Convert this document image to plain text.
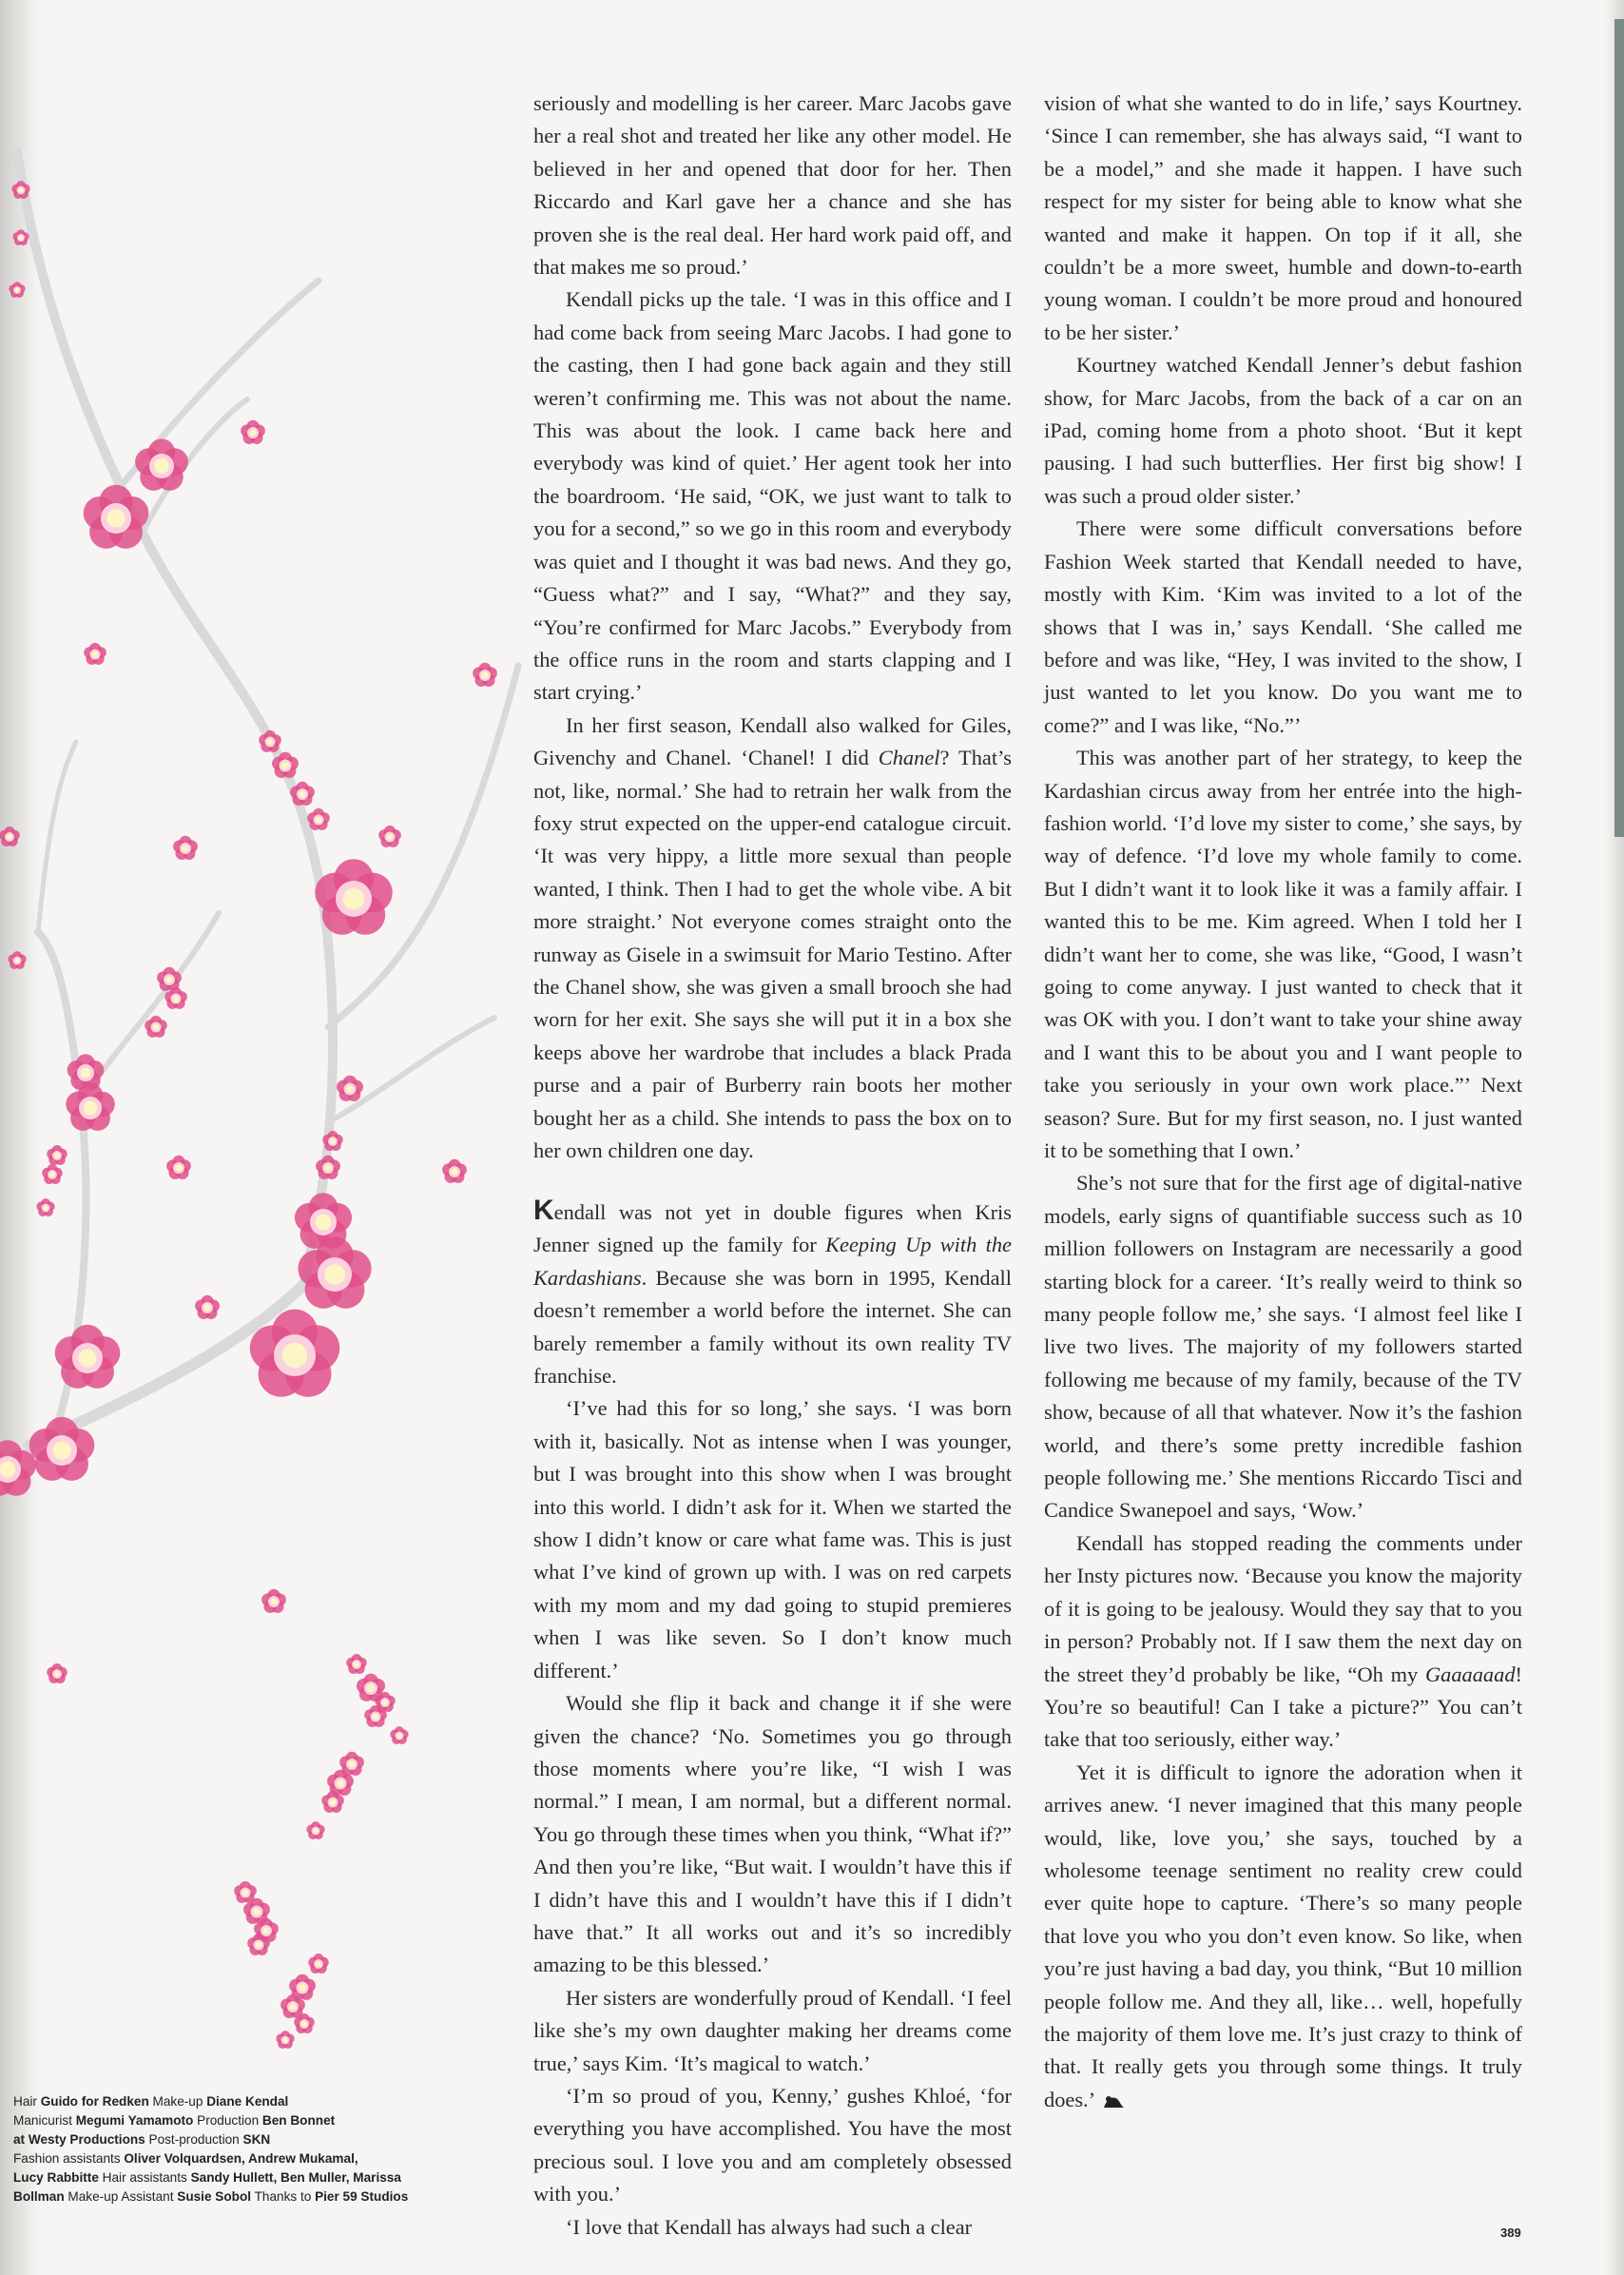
seriously and modelling is her career. Marc Jacobs gave her a real shot and treated her like any other model. He believed in her and opened that door for her. Then Riccardo and Karl gave her a chance and she has proven she is the real deal. Her hard work paid off, and that makes me so proud.’

Kendall picks up the tale. ‘I was in this office and I had come back from seeing Marc Jacobs. I had gone to the casting, then I had gone back again and they still weren’t confirming me. This was not about the name. This was about the look. I came back here and everybody was kind of quiet.’ Her agent took her into the boardroom. ‘He said, “OK, we just want to talk to you for a second,” so we go in this room and everybody was quiet and I thought it was bad news. And they go, “Guess what?” and I say, “What?” and they say, “You’re confirmed for Marc Jacobs.” Everybody from the office runs in the room and starts clapping and I start crying.’

In her first season, Kendall also walked for Giles, Givenchy and Chanel. ‘Chanel! I did Chanel? That’s not, like, normal.’ She had to retrain her walk from the foxy strut expected on the upper-end catalogue circuit. ‘It was very hippy, a little more sexual than people wanted, I think. Then I had to get the whole vibe. A bit more straight.’ Not everyone comes straight onto the runway as Gisele in a swimsuit for Mario Testino. After the Chanel show, she was given a small brooch she had worn for her exit. She says she will put it in a box she keeps above her wardrobe that includes a black Prada purse and a pair of Burberry rain boots her mother bought her as a child. She intends to pass the box on to her own children one day.

Kendall was not yet in double figures when Kris Jenner signed up the family for Keeping Up with the Kardashians. Because she was born in 1995, Kendall doesn’t remember a world before the internet. She can barely remember a family without its own reality TV franchise.

‘I’ve had this for so long,’ she says. ‘I was born with it, basically. Not as intense when I was younger, but I was brought into this show when I was brought into this world. I didn’t ask for it. When we started the show I didn’t know or care what fame was. This is just what I’ve kind of grown up with. I was on red carpets with my mom and my dad going to stupid premieres when I was like seven. So I don’t know much different.’

Would she flip it back and change it if she were given the chance? ‘No. Sometimes you go through those moments where you’re like, “I wish I was normal.” I mean, I am normal, but a different normal. You go through these times when you think, “What if?” And then you’re like, “But wait. I wouldn’t have this if I didn’t have this and I wouldn’t have this if I didn’t have that.” It all works out and it’s so incredibly amazing to be this blessed.’

Her sisters are wonderfully proud of Kendall. ‘I feel like she’s my own daughter making her dreams come true,’ says Kim. ‘It’s magical to watch.’

‘I’m so proud of you, Kenny,’ gushes Khloé, ‘for everything you have accomplished. You have the most precious soul. I love you and am completely obsessed with you.’

‘I love that Kendall has always had such a clear

vision of what she wanted to do in life,’ says Kourtney. ‘Since I can remember, she has always said, “I want to be a model,” and she made it happen. I have such respect for my sister for being able to know what she wanted and make it happen. On top if it all, she couldn’t be a more sweet, humble and down-to-earth young woman. I couldn’t be more proud and honoured to be her sister.’

Kourtney watched Kendall Jenner’s debut fashion show, for Marc Jacobs, from the back of a car on an iPad, coming home from a photo shoot. ‘But it kept pausing. I had such butterflies. Her first big show! I was such a proud older sister.’

There were some difficult conversations before Fashion Week started that Kendall needed to have, mostly with Kim. ‘Kim was invited to a lot of the shows that I was in,’ says Kendall. ‘She called me before and was like, “Hey, I was invited to the show, I just wanted to let you know. Do you want me to come?” and I was like, “No.”’

This was another part of her strategy, to keep the Kardashian circus away from her entrée into the high-fashion world. ‘I’d love my sister to come,’ she says, by way of defence. ‘I’d love my whole family to come. But I didn’t want it to look like it was a family affair. I wanted this to be me. Kim agreed. When I told her I didn’t want her to come, she was like, “Good, I wasn’t going to come anyway. I just wanted to check that it was OK with you. I don’t want to take your shine away and I want this to be about you and I want people to take you seriously in your own work place.”’ Next season? Sure. But for my first season, no. I just wanted it to be something that I own.’

She’s not sure that for the first age of digital-native models, early signs of quantifiable success such as 10 million followers on Instagram are necessarily a good starting block for a career. ‘It’s really weird to think so many people follow me,’ she says. ‘I almost feel like I live two lives. The majority of my followers started following me because of my family, because of the TV show, because of all that whatever. Now it’s the fashion world, and there’s some pretty incredible fashion people following me.’ She mentions Riccardo Tisci and Candice Swanepoel and says, ‘Wow.’

Kendall has stopped reading the comments under her Insty pictures now. ‘Because you know the majority of it is going to be jealousy. Would they say that to you in person? Probably not. If I saw them the next day on the street they’d probably be like, “Oh my Gaaaaaad! You’re so beautiful! Can I take a picture?” You can’t take that too seriously, either way.’

Yet it is difficult to ignore the adoration when it arrives anew. ‘I never imagined that this many people would, like, love you,’ she says, touched by a wholesome teenage sentiment no reality crew could ever quite hope to capture. ‘There’s so many people that love you who you don’t even know. So like, when you’re just having a bad day, you think, “But 10 million people follow me. And they all, like… well, hopefully the majority of them love me. It’s just crazy to think of that. It really gets you through some things. It truly does.’

Hair Guido for Redken Make-up Diane Kendal
Manicurist Megumi Yamamoto Production Ben Bonnet
at Westy Productions Post-production SKN
Fashion assistants Oliver Volquardsen, Andrew Mukamal,
Lucy Rabbitte Hair assistants Sandy Hullett, Ben Muller, Marissa
Bollman Make-up Assistant Susie Sobol Thanks to Pier 59 Studios
389
